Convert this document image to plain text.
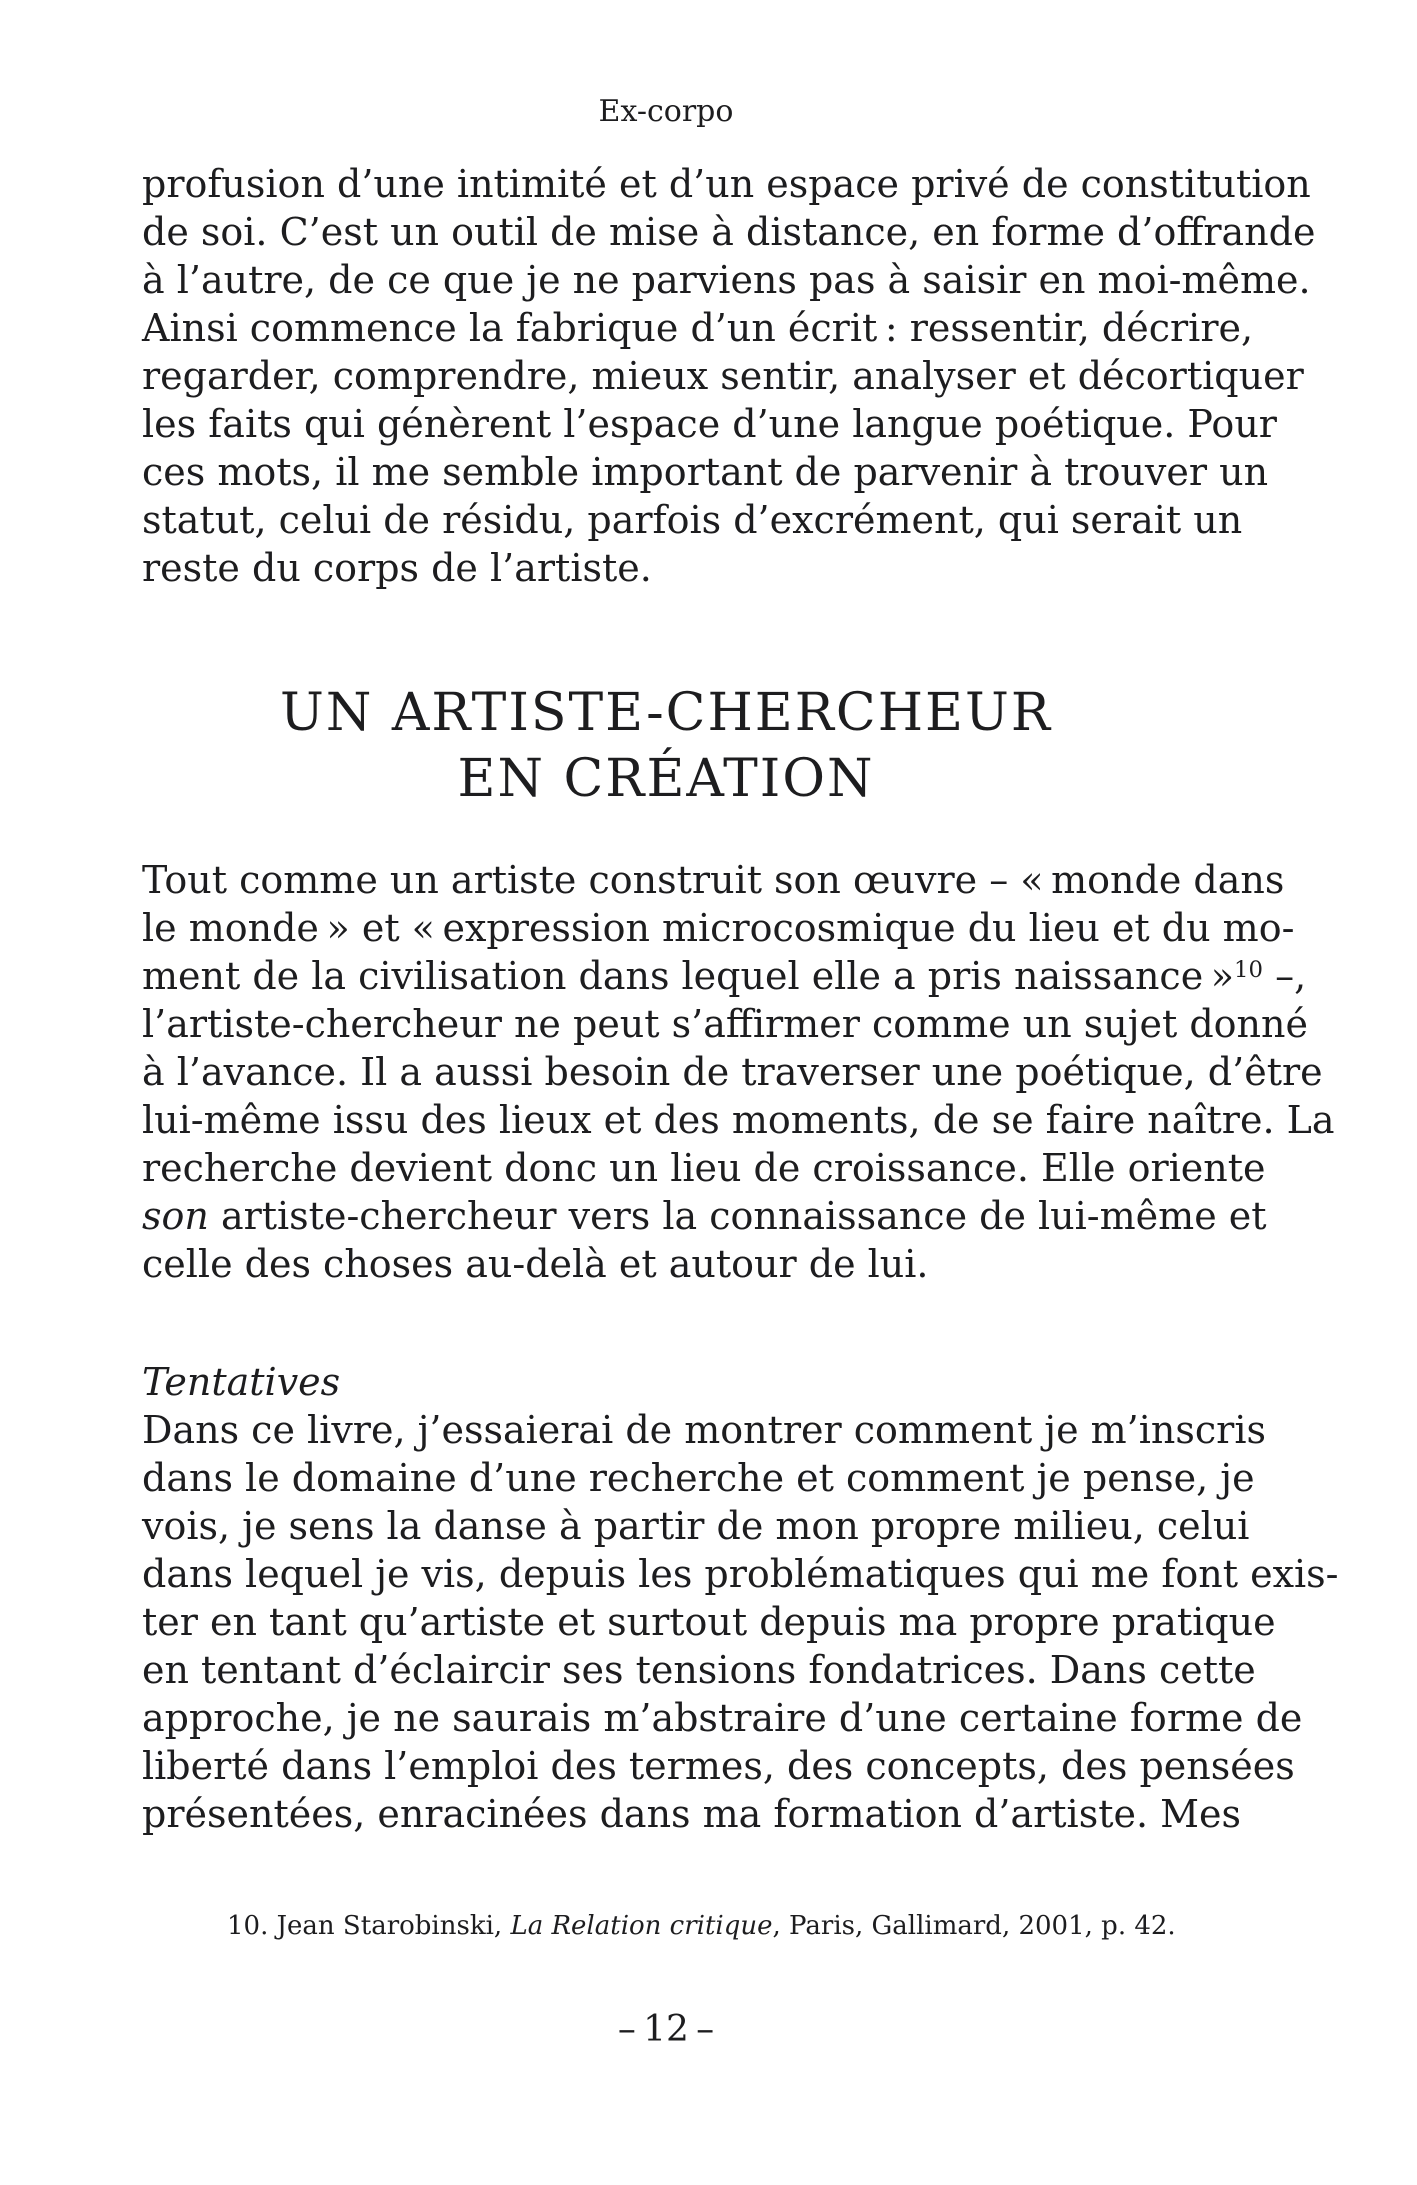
Ex-corpo
profusion d’une intimité et d’un espace privé de constitution
de soi. C’est un outil de mise à distance, en forme d’offrande
à l’autre, de ce que je ne parviens pas à saisir en moi-même.
Ainsi commence la fabrique d’un écrit : ressentir, décrire,
regarder, comprendre, mieux sentir, analyser et décortiquer
les faits qui génèrent l’espace d’une langue poétique. Pour
ces mots, il me semble important de parvenir à trouver un
statut, celui de résidu, parfois d’excrément, qui serait un
reste du corps de l’artiste.
UN ARTISTE-CHERCHEUR
EN CRÉATION
Tout comme un artiste construit son œuvre – « monde dans
le monde » et « expression microcosmique du lieu et du mo-
ment de la civilisation dans lequel elle a pris naissance »$^{10}$ –,
l’artiste-chercheur ne peut s’affirmer comme un sujet donné
à l’avance. Il a aussi besoin de traverser une poétique, d’être
lui-même issu des lieux et des moments, de se faire naître. La
recherche devient donc un lieu de croissance. Elle oriente
son artiste-chercheur vers la connaissance de lui-même et
celle des choses au-delà et autour de lui.
Tentatives
Dans ce livre, j’essaierai de montrer comment je m’inscris
dans le domaine d’une recherche et comment je pense, je
vois, je sens la danse à partir de mon propre milieu, celui
dans lequel je vis, depuis les problématiques qui me font exis-
ter en tant qu’artiste et surtout depuis ma propre pratique
en tentant d’éclaircir ses tensions fondatrices. Dans cette
approche, je ne saurais m’abstraire d’une certaine forme de
liberté dans l’emploi des termes, des concepts, des pensées
présentées, enracinées dans ma formation d’artiste. Mes
10. Jean Starobinski, La Relation critique, Paris, Gallimard, 2001, p. 42.
– 12 –
